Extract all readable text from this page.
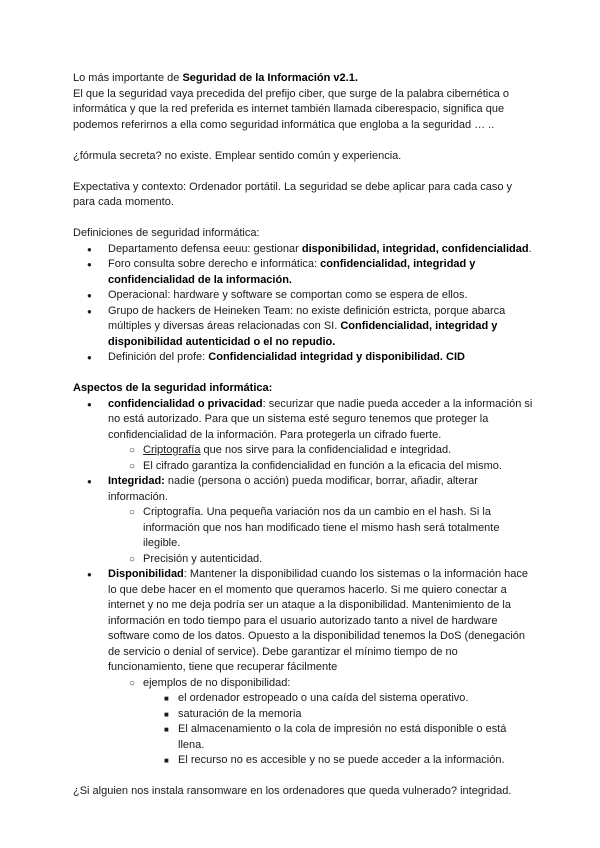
Lo más importante de Seguridad de la Información v2.1.

El que la seguridad vaya precedida del prefijo ciber, que surge de la palabra cibernética o informática y que la red preferida es internet también llamada ciberespacio, significa que podemos referirnos a ella como seguridad informática que engloba a la seguridad … ..

¿fórmula secreta? no existe. Emplear sentido común y experiencia.

Expectativa y contexto: Ordenador portátil. La seguridad se debe aplicar para cada caso y para cada momento.

Definiciones de seguridad informática:

● Departamento defensa eeuu: gestionar disponibilidad, integridad, confidencialidad.
● Foro consulta sobre derecho e informática: confidencialidad, integridad y confidencialidad de la información.
● Operacional: hardware y software se comportan como se espera de ellos.
● Grupo de hackers de Heineken Team: no existe definición estricta, porque abarca múltiples y diversas áreas relacionadas con SI. Confidencialidad, integridad y disponibilidad autenticidad o el no repudio.
● Definición del profe: Confidencialidad integridad y disponibilidad. CID

Aspectos de la seguridad informática:

● confidencialidad o privacidad: securizar que nadie pueda acceder a la información si no está autorizado. Para que un sistema esté seguro tenemos que proteger la confidencialidad de la información. Para protegerla un cifrado fuerte.
○ Criptografía que nos sirve para la confidencialidad e integridad.
○ El cifrado garantiza la confidencialidad en función a la eficacia del mismo.
● Integridad: nadie (persona o acción) pueda modificar, borrar, añadir, alterar información.
○ Criptografía. Una pequeña variación nos da un cambio en el hash. Si la información que nos han modificado tiene el mismo hash será totalmente ilegible.
○ Precisión y autenticidad.
● Disponibilidad: Mantener la disponibilidad cuando los sistemas o la información hace lo que debe hacer en el momento que queramos hacerlo. Si me quiero conectar a internet y no me deja podría ser un ataque a la disponibilidad. Mantenimiento de la información en todo tiempo para el usuario autorizado tanto a nivel de hardware software como de los datos. Opuesto a la disponibilidad tenemos la DoS (denegación de servicio o denial of service). Debe garantizar el mínimo tiempo de no funcionamiento, tiene que recuperar fácilmente
○ ejemplos de no disponibilidad:
■ el ordenador estropeado o una caída del sistema operativo.
■ saturación de la memoria
■ El almacenamiento o la cola de impresión no está disponible o está llena.
■ El recurso no es accesible y no se puede acceder a la información.

¿Si alguien nos instala ransomware en los ordenadores que queda vulnerado? integridad.
